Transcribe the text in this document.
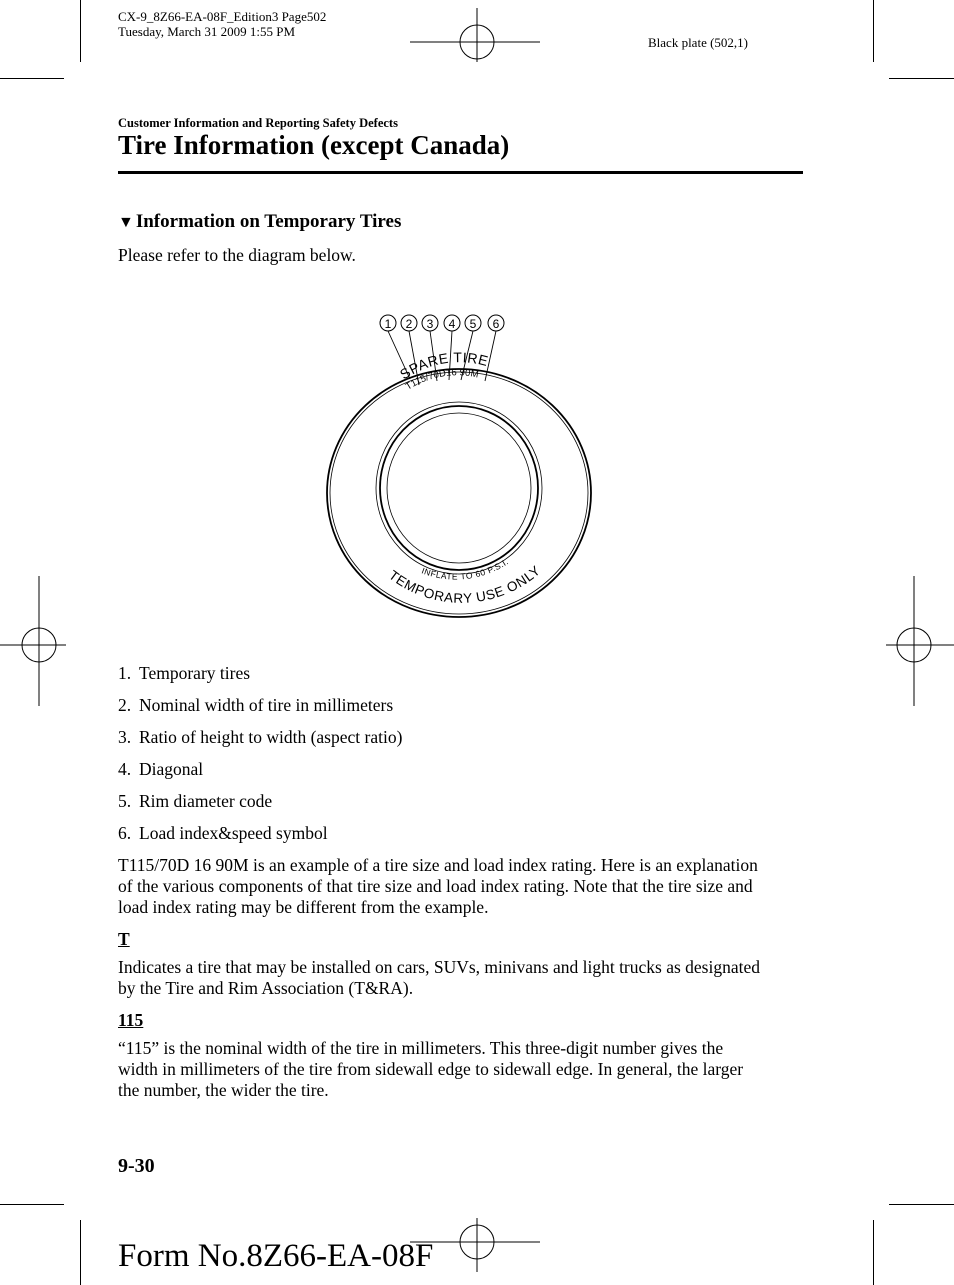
CX-9_8Z66-EA-08F_Edition3 Page502
Tuesday, March 31 2009 1:55 PM
Black plate (502,1)
Customer Information and Reporting Safety Defects
Tire Information (except Canada)
▼ Information on Temporary Tires
Please refer to the diagram below.
1 2 3 4 5 6
SPARE TIRE
T115/70D16 90M
TEMPORARY USE ONLY
INFLATE TO 60 P.S.I.
1. Temporary tires
2. Nominal width of tire in millimeters
3. Ratio of height to width (aspect ratio)
4. Diagonal
5. Rim diameter code
6. Load index&speed symbol
T115/70D 16 90M is an example of a tire size and load index rating. Here is an explanation
of the various components of that tire size and load index rating. Note that the tire size and
load index rating may be different from the example.
T
Indicates a tire that may be installed on cars, SUVs, minivans and light trucks as designated
by the Tire and Rim Association (T&RA).
115
“115” is the nominal width of the tire in millimeters. This three-digit number gives the
width in millimeters of the tire from sidewall edge to sidewall edge. In general, the larger
the number, the wider the tire.
9-30
Form No.8Z66-EA-08F
